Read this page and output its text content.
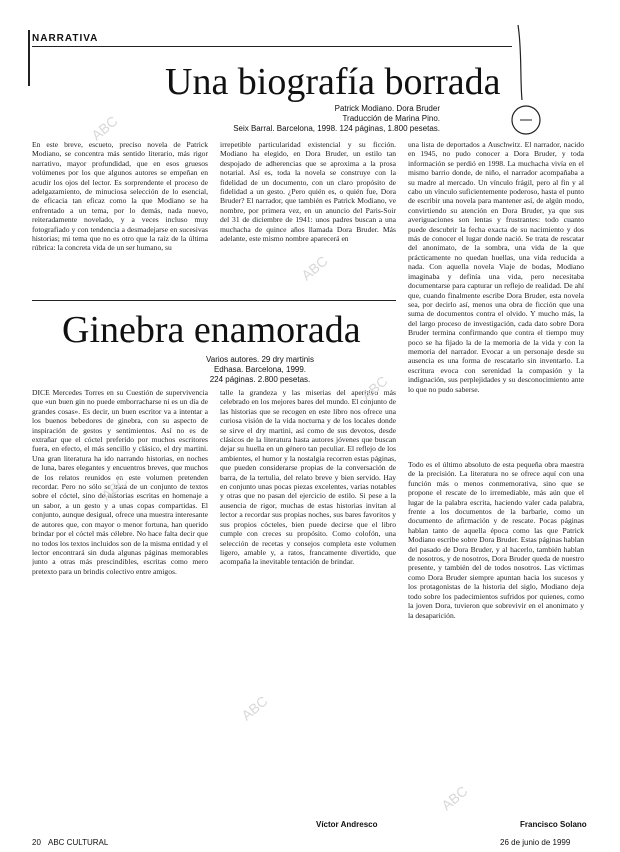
NARRATIVA
Una biografía borrada
Patrick Modiano. Dora Bruder
Traducción de Marina Pino.
Seix Barral. Barcelona, 1998. 124 páginas, 1.800 pesetas.

En este breve, escueto, preciso novela de Patrick Modiano, se concentra más sentido literario, más rigor narrativo, mayor profundidad, que en esos gruesos volúmenes por los que algunos autores se empeñan en acudir los ojos del lector. Es sorprendente el proceso de adelgazamiento, de minuciosa selección de lo esencial, de eficacia tan eficaz como la que Modiano se ha enfrentado a un tema, por lo demás, nada nuevo, reiteradamente novelado, y a veces incluso muy fotografiado y con tendencia a desmadejarse en sucesivas historias; mi tema que no es otro que la raíz de la última rúbrica: la concreta vida de un ser humano, su

irrepetible particularidad existencial y su ficción. Modiano ha elegido, en Dora Bruder, un estilo tan despojado de adherencias que se aproxima a la prosa notarial. Así es, toda la novela se construye con la fidelidad de un documento, con un claro propósito de fidelidad a un gesto. ¿Pero quién es, o quién fue, Dora Bruder? El narrador, que también es Patrick Modiano, ve nombre, por primera vez, en un anuncio del Paris-Soir del 31 de diciembre de 1941: unos padres buscan a una muchacha de quince años llamada Dora Bruder. Más adelante, este mismo nombre aparecerá en

una lista de deportados a Auschwitz. El narrador, nacido en 1945, no pudo conocer a Dora Bruder, y toda información se perdió en 1998. La muchacha vivía en el mismo barrio donde, de niño, el narrador acompañaba a su madre al mercado. Un vínculo frágil, pero al fin y al cabo un vínculo suficientemente poderoso, hasta el punto de escribir una novela para mantener así, de algún modo, convirtiendo su atención en Dora Bruder, ya que sus averiguaciones son lentas y frustrantes: todo cuanto puede descubrir la fecha exacta de su nacimiento y dos más de conocer el lugar donde nació. Se trata de rescatar del anonimato, de la sombra, una vida de la que prácticamente no quedan huellas, una vida reducida a nada. Con aquella novela Viaje de bodas, Modiano imaginaba y definía una vida, pero necesitaba documentarse para capturar un reflejo de realidad. De ahí que, cuando finalmente escribe Dora Bruder, esta novela sea, por decirlo así, menos una obra de ficción que una suma de documentos contra el olvido. Y mucho más, la del largo proceso de investigación, cada dato sobre Dora Bruder termina confirmando que contra el tiempo muy poco se ha fijado la de la memoria de la vida y con la memoria del narrador. Evocar a un personaje desde su ausencia es una forma de rescatarlo sin inventarlo. La escritura evoca con serenidad la compasión y la indignación, sus perplejidades y su desconocimiento ante lo que no pudo saberse.

Todo es el último absoluto de esta pequeña obra maestra de la precisión. La literatura no se ofrece aquí con una función más o menos conmemorativa, sino que se propone el rescate de lo irremediable, más aún que el lugar de la palabra escrita, haciendo valer cada palabra, frente a los documentos de la barbarie, como un documento de afirmación y de rescate. Pocas páginas hablan tanto de aquella época como las que Patrick Modiano escribe sobre Dora Bruder. Estas páginas hablan del pasado de Dora Bruder, y al hacerlo, también hablan de nosotros, y de nosotros, Dora Bruder queda de nuestro presente, y también del de todos nosotros. Las víctimas como Dora Bruder siempre apuntan hacia los sucesos y los protagonistas de la historia del siglo, Modiano deja todo sobre los padecimientos sufridos por quienes, como la joven Dora, tuvieron que sobrevivir en el anonimato y la desaparición.

Ginebra enamorada
Varios autores. 29 dry martinis
Edhasa. Barcelona, 1999.
224 páginas. 2.800 pesetas.

DICE Mercedes Torres en su Cuestión de supervivencia que «un buen gin no puede emborracharse ni es un día de grandes cosas». Es decir, un buen escritor va a intentar a los buenos bebedores de ginebra, con su aspecto de inspiración de gestos y sentimientos. Así no es de extrañar que el cóctel preferido por muchos escritores fuera, en efecto, el más sencillo y clásico, el dry martini. Una gran literatura ha ido narrando historias, en noches de luna, bares elegantes y encuentros breves, que muchos de los relatos reunidos en este volumen pretenden recordar. Pero no sólo se trata de un conjunto de textos sobre el cóctel, sino de historias escritas en homenaje a un sabor, a un gesto y a unas copas compartidas. El conjunto, aunque desigual, ofrece una muestra interesante de autores que, con mayor o menor fortuna, han querido brindar por el cóctel más célebre. No hace falta decir que no todos los textos incluidos son de la misma entidad y el lector encontrará sin duda algunas páginas memorables junto a otras más prescindibles, escritas como mero pretexto para un brindis colectivo entre amigos.

talle la grandeza y las miserias del aperitivo más celebrado en los mejores bares del mundo. El conjunto de las historias que se recogen en este libro nos ofrece una curiosa visión de la vida nocturna y de los locales donde se sirve el dry martini, así como de sus devotos, desde clásicos de la literatura hasta autores jóvenes que buscan dejar su huella en un género tan peculiar. El reflejo de los ambientes, el humor y la nostalgia recorren estas páginas, que pueden considerarse propias de la conversación de barra, de la tertulia, del relato breve y bien servido. Hay en conjunto unas pocas piezas excelentes, varias notables y otras que no pasan del ejercicio de estilo. Si pese a la ausencia de rigor, muchas de estas historias invitan al lector a recordar sus propias noches, sus bares favoritos y sus propios cócteles, bien puede decirse que el libro cumple con creces su propósito. Como colofón, una selección de recetas y consejos completa este volumen ligero, amable y, a ratos, francamente divertido, que acompaña la inevitable tentación de brindar.

Víctor Andresco	Francisco Solano
20 ABC CULTURAL	26 de junio de 1999
ABC
ABC
ABC
ABC
ABC
ABC
